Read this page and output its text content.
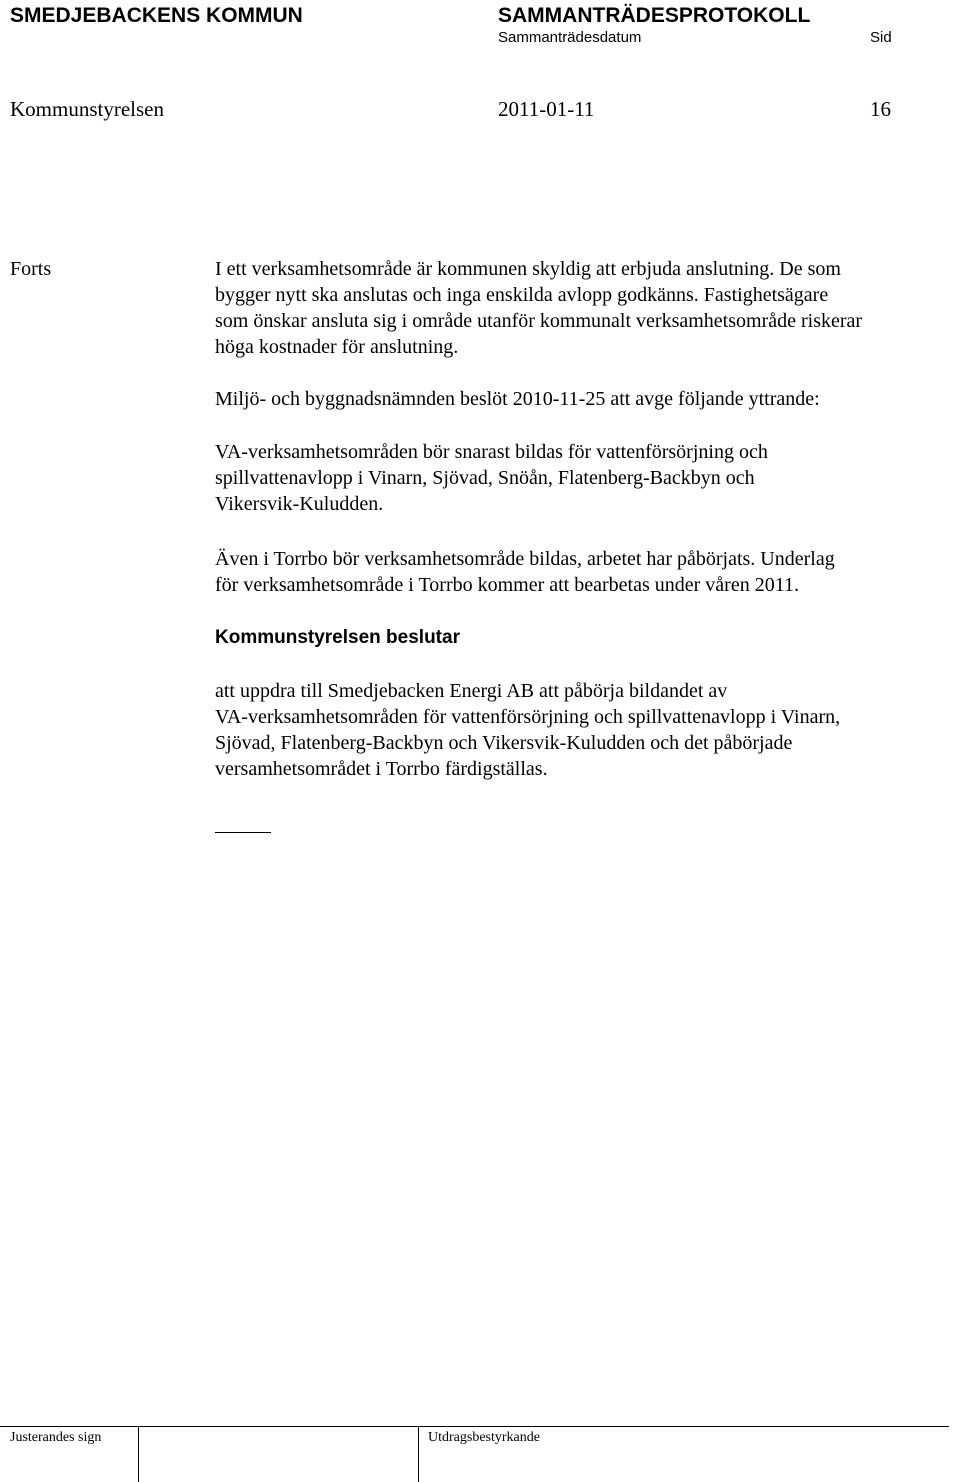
SMEDJEBACKENS KOMMUN	SAMMANTRÄDESPROTOKOLL
Sammanträdesdatum	Sid
Kommunstyrelsen	2011-01-11	16
Forts	I ett verksamhetsområde är kommunen skyldig att erbjuda anslutning. De som

bygger nytt ska anslutas och inga enskilda avlopp godkänns. Fastighetsägare

som önskar ansluta sig i område utanför kommunalt verksamhetsområde riskerar

höga kostnader för anslutning.

Miljö- och byggnadsnämnden beslöt 2010-11-25 att avge följande yttrande:

VA-verksamhetsområden bör snarast bildas för vattenförsörjning och

spillvattenavlopp i Vinarn, Sjövad, Snöån, Flatenberg-Backbyn och

Vikersvik-Kuludden.

Även i Torrbo bör verksamhetsområde bildas, arbetet har påbörjats. Underlag

för verksamhetsområde i Torrbo kommer att bearbetas under våren 2011.

Kommunstyrelsen beslutar

att uppdra till Smedjebacken Energi AB att påbörja bildandet av

VA-verksamhetsområden för vattenförsörjning och spillvattenavlopp i Vinarn,

Sjövad, Flatenberg-Backbyn och Vikersvik-Kuludden och det påbörjade

versamhetsområdet i Torrbo färdigställas.

Justerandes sign	Utdragsbestyrkande
